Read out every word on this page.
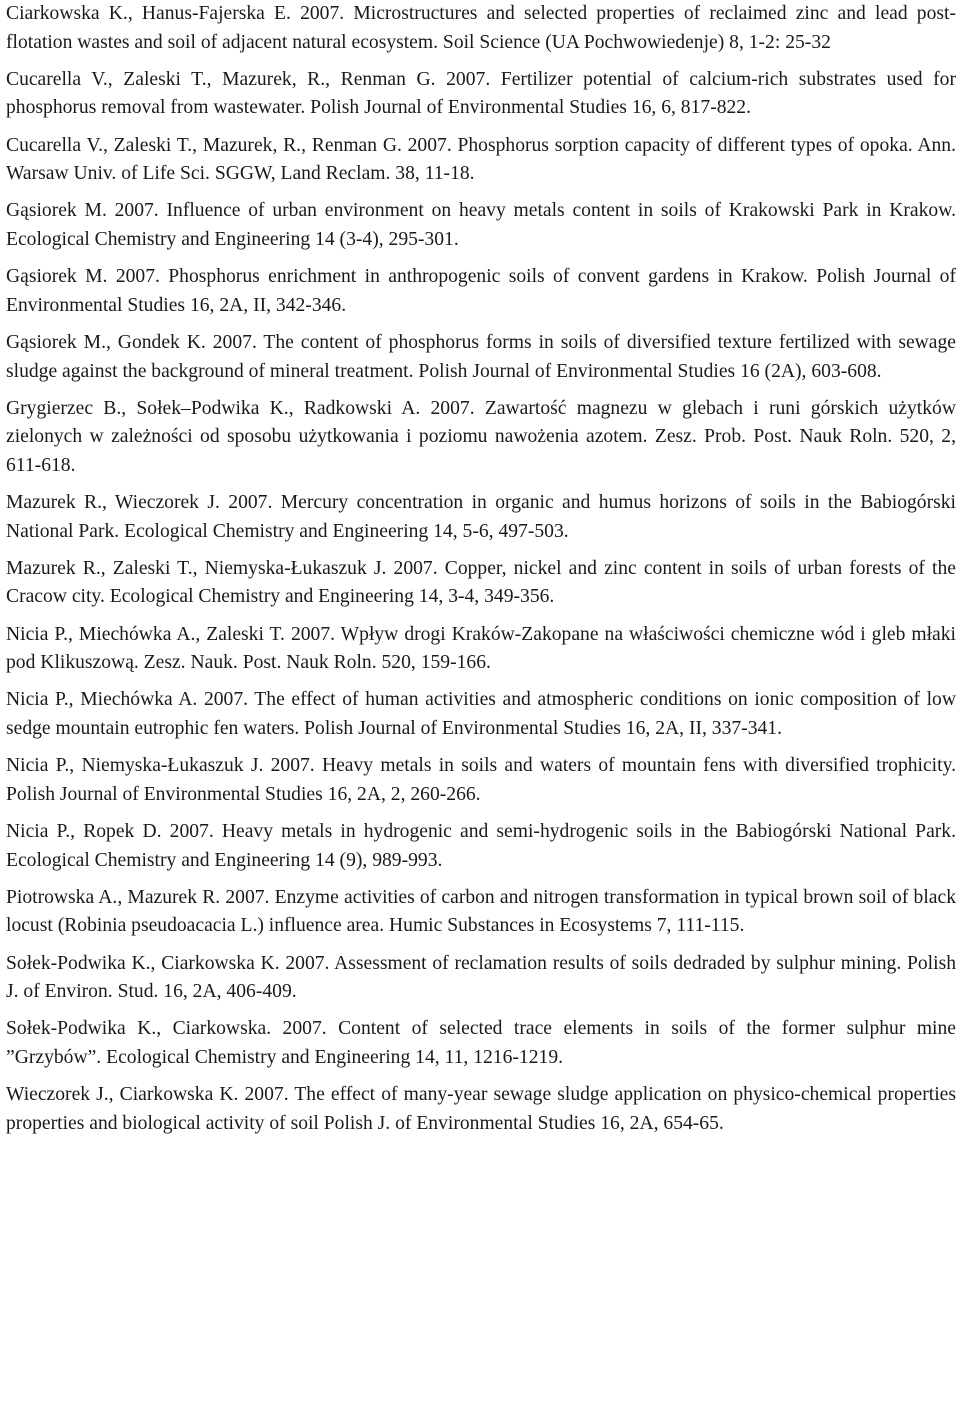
Ciarkowska K., Hanus-Fajerska E. 2007. Microstructures and selected properties of reclaimed zinc and lead post-flotation wastes and soil of adjacent natural ecosystem. Soil Science (UA Pochwowiedenje) 8, 1-2: 25-32

Cucarella V., Zaleski T., Mazurek, R., Renman G. 2007. Fertilizer potential of calcium-rich substrates used for phosphorus removal from wastewater. Polish Journal of Environmental Studies 16, 6, 817-822.

Cucarella V., Zaleski T., Mazurek, R., Renman G. 2007. Phosphorus sorption capacity of different types of opoka. Ann. Warsaw Univ. of Life Sci. SGGW, Land Reclam. 38, 11-18.

Gąsiorek M. 2007. Influence of urban environment on heavy metals content in soils of Krakowski Park in Krakow. Ecological Chemistry and Engineering 14 (3-4), 295-301.

Gąsiorek M. 2007. Phosphorus enrichment in anthropogenic soils of convent gardens in Krakow. Polish Journal of Environmental Studies 16, 2A, II, 342-346.

Gąsiorek M., Gondek K. 2007. The content of phosphorus forms in soils of diversified texture fertilized with sewage sludge against the background of mineral treatment. Polish Journal of Environmental Studies 16 (2A), 603-608.

Grygierzec B., Sołek–Podwika K., Radkowski A. 2007. Zawartość magnezu w glebach i runi górskich użytków zielonych w zależności od sposobu użytkowania i poziomu nawożenia azotem. Zesz. Prob. Post. Nauk Roln. 520, 2, 611-618.

Mazurek R., Wieczorek J. 2007. Mercury concentration in organic and humus horizons of soils in the Babiogórski National Park. Ecological Chemistry and Engineering 14, 5-6, 497-503.

Mazurek R., Zaleski T., Niemyska-Łukaszuk J. 2007. Copper, nickel and zinc content in soils of urban forests of the Cracow city. Ecological Chemistry and Engineering 14, 3-4, 349-356.

Nicia P., Miechówka A., Zaleski T. 2007. Wpływ drogi Kraków-Zakopane na właściwości chemiczne wód i gleb młaki pod Klikuszową. Zesz. Nauk. Post. Nauk Roln. 520, 159-166.

Nicia P., Miechówka A. 2007. The effect of human activities and atmospheric conditions on ionic composition of low sedge mountain eutrophic fen waters. Polish Journal of Environmental Studies 16, 2A, II, 337-341.

Nicia P., Niemyska-Łukaszuk J. 2007. Heavy metals in soils and waters of mountain fens with diversified trophicity. Polish Journal of Environmental Studies 16, 2A, 2, 260-266.

Nicia P., Ropek D. 2007. Heavy metals in hydrogenic and semi-hydrogenic soils in the Babiogórski National Park. Ecological Chemistry and Engineering 14 (9), 989-993.

Piotrowska A., Mazurek R. 2007. Enzyme activities of carbon and nitrogen transformation in typical brown soil of black locust (Robinia pseudoacacia L.) influence area. Humic Substances in Ecosystems 7, 111-115.

Sołek-Podwika K., Ciarkowska K. 2007. Assessment of reclamation results of soils dedraded by sulphur mining. Polish J. of Environ. Stud. 16, 2A, 406-409.

Sołek-Podwika K., Ciarkowska. 2007. Content of selected trace elements in soils of the former sulphur mine ”Grzybów”. Ecological Chemistry and Engineering 14, 11, 1216-1219.

Wieczorek J., Ciarkowska K. 2007. The effect of many-year sewage sludge application on physico-chemical properties properties and biological activity of soil Polish J. of Environmental Studies 16, 2A, 654-65.
